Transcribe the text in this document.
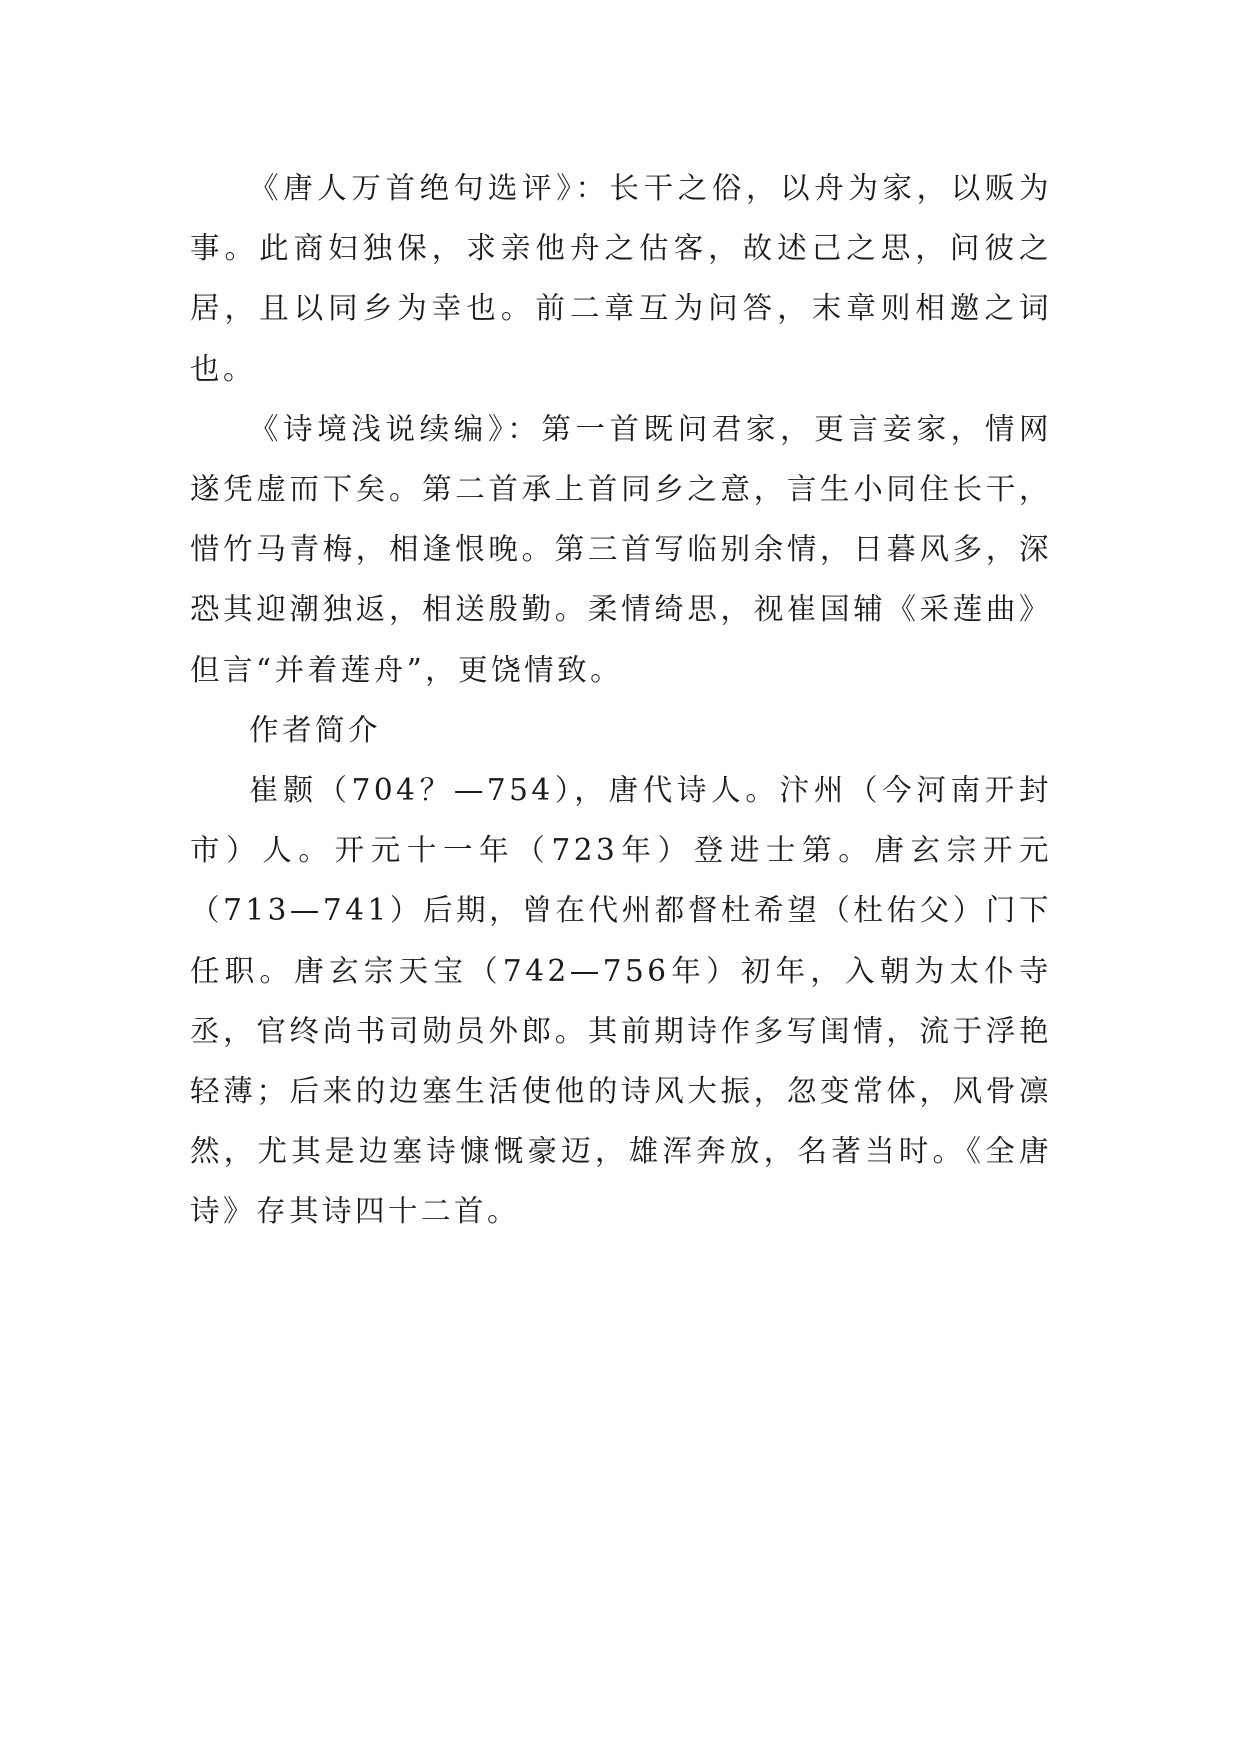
《唐人万首绝句选评》：长干之俗，以舟为家，以贩为事。此商妇独保，求亲他舟之估客，故述己之思，问彼之居，且以同乡为幸也。前二章互为问答，末章则相邀之词也。

《诗境浅说续编》：第一首既问君家，更言妾家，情网遂凭虚而下矣。第二首承上首同乡之意，言生小同住长干，惜竹马青梅，相逢恨晚。第三首写临别余情，日暮风多，深恐其迎潮独返，相送殷勤。柔情绮思，视崔国辅《采莲曲》但言“并着莲舟”，更饶情致。

作者简介

崔颢（704？—754），唐代诗人。汴州（今河南开封市）人。开元十一年（723年）登进士第。唐玄宗开元（713—741）后期，曾在代州都督杜希望（杜佑父）门下任职。唐玄宗天宝（742—756年）初年，入朝为太仆寺丞，官终尚书司勋员外郎。其前期诗作多写闺情，流于浮艳轻薄；后来的边塞生活使他的诗风大振，忽变常体，风骨凛然，尤其是边塞诗慷慨豪迈，雄浑奔放，名著当时。《全唐诗》存其诗四十二首。
